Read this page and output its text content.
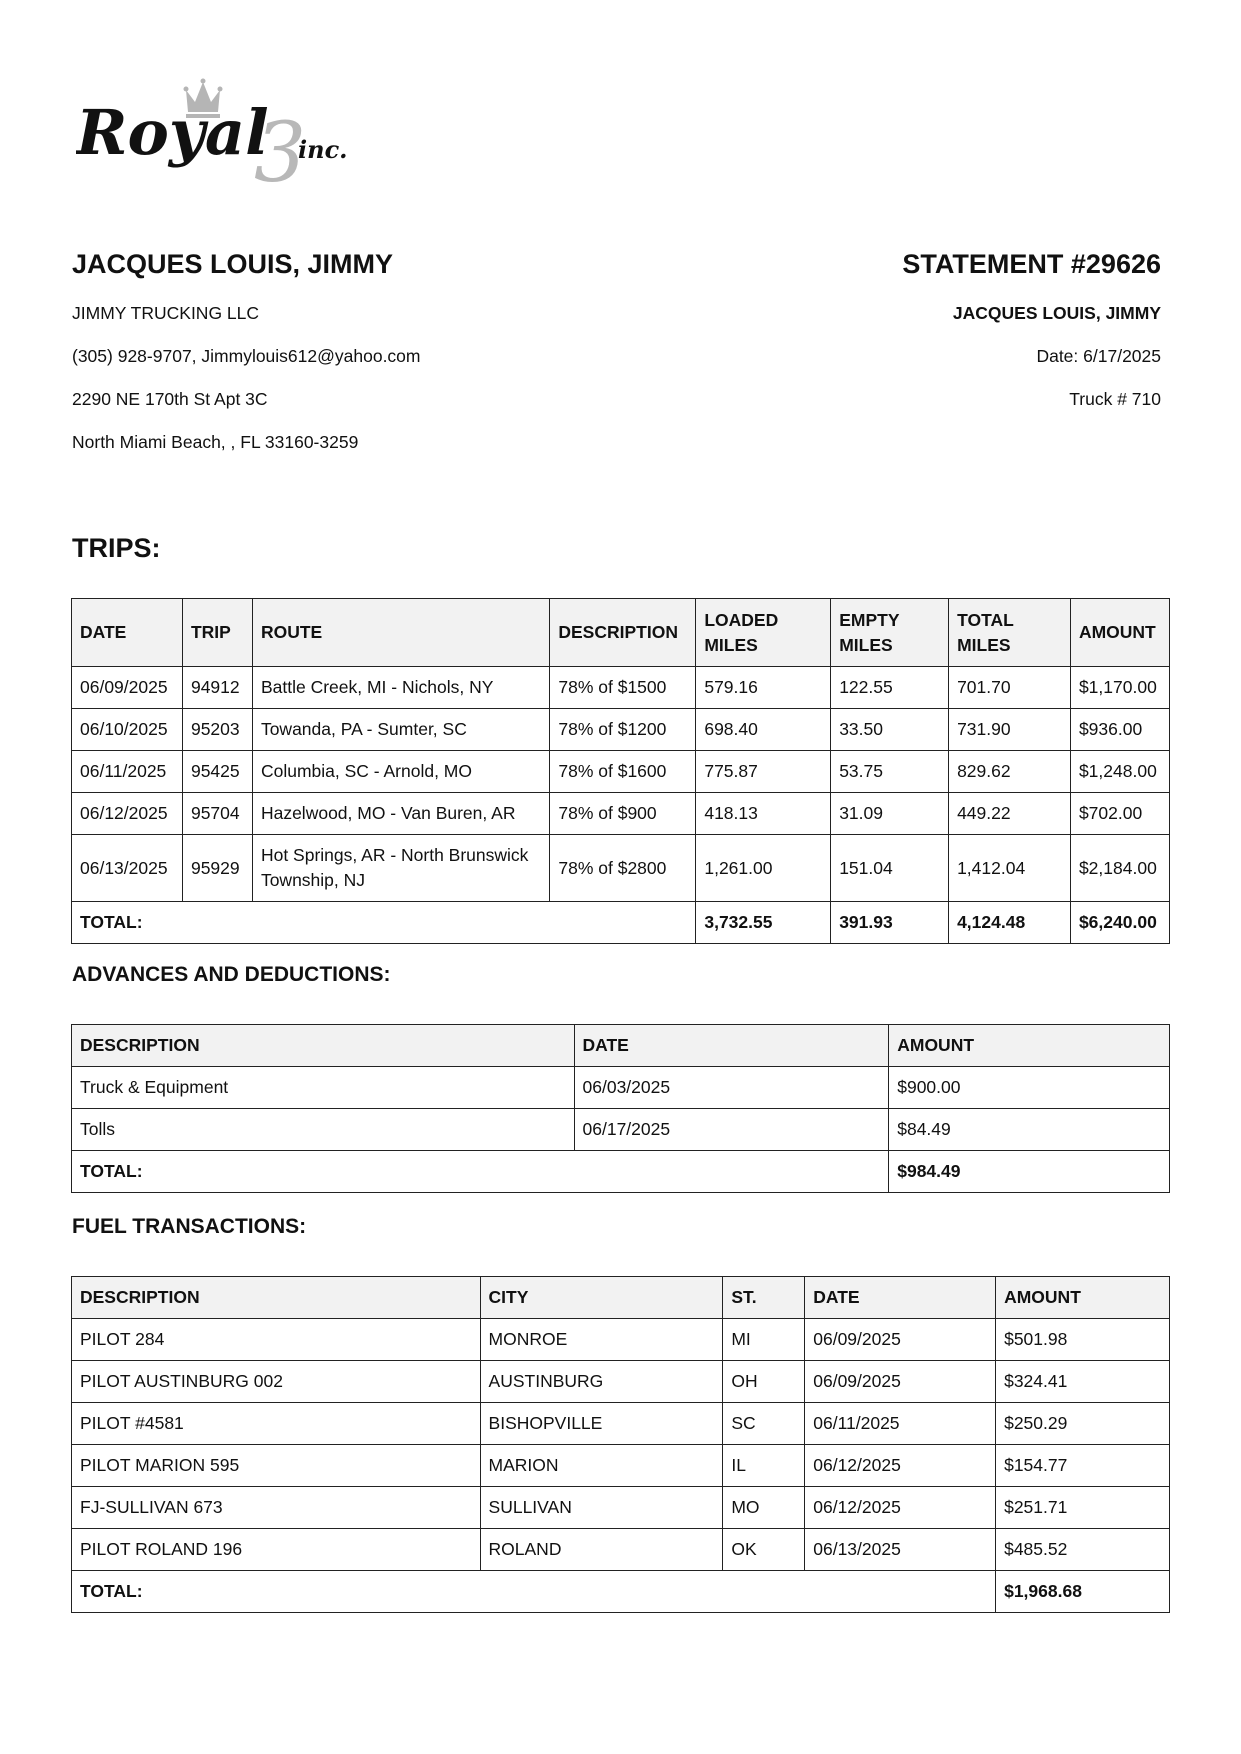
3
Royal inc.
JACQUES LOUIS, JIMMY
JIMMY TRUCKING LLC
(305) 928-9707, Jimmylouis612@yahoo.com
2290 NE 170th St Apt 3C
North Miami Beach, , FL 33160-3259
STATEMENT #29626
JACQUES LOUIS, JIMMY
Date: 6/17/2025
Truck # 710
TRIPS:
DATE	TRIP	ROUTE	DESCRIPTION	LOADED MILES	EMPTY MILES	TOTAL MILES	AMOUNT
06/09/2025	94912	Battle Creek, MI - Nichols, NY	78% of $1500	579.16	122.55	701.70	$1,170.00
06/10/2025	95203	Towanda, PA - Sumter, SC	78% of $1200	698.40	33.50	731.90	$936.00
06/11/2025	95425	Columbia, SC - Arnold, MO	78% of $1600	775.87	53.75	829.62	$1,248.00
06/12/2025	95704	Hazelwood, MO - Van Buren, AR	78% of $900	418.13	31.09	449.22	$702.00
06/13/2025	95929	Hot Springs, AR - North Brunswick Township, NJ	78% of $2800	1,261.00	151.04	1,412.04	$2,184.00
TOTAL:				3,732.55	391.93	4,124.48	$6,240.00
ADVANCES AND DEDUCTIONS:
DESCRIPTION	DATE	AMOUNT
Truck & Equipment	06/03/2025	$900.00
Tolls	06/17/2025	$84.49
TOTAL:		$984.49
FUEL TRANSACTIONS:
DESCRIPTION	CITY	ST.	DATE	AMOUNT
PILOT 284	MONROE	MI	06/09/2025	$501.98
PILOT AUSTINBURG 002	AUSTINBURG	OH	06/09/2025	$324.41
PILOT #4581	BISHOPVILLE	SC	06/11/2025	$250.29
PILOT MARION 595	MARION	IL	06/12/2025	$154.77
FJ-SULLIVAN 673	SULLIVAN	MO	06/12/2025	$251.71
PILOT ROLAND 196	ROLAND	OK	06/13/2025	$485.52
TOTAL:				$1,968.68
